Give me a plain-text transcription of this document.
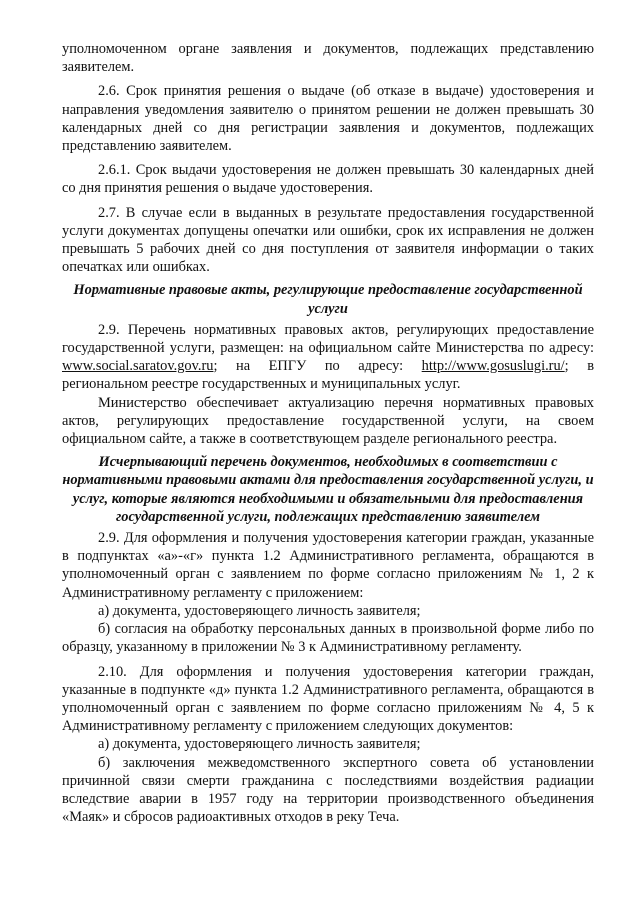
уполномоченном органе заявления и документов, подлежащих представлению заявителем.

2.6. Срок принятия решения о выдаче (об отказе в выдаче) удостоверения и направления уведомления заявителю о принятом решении не должен превышать 30 календарных дней со дня регистрации заявления и документов, подлежащих представлению заявителем.

2.6.1. Срок выдачи удостоверения не должен превышать 30 календарных дней со дня принятия решения о выдаче удостоверения.

2.7. В случае если в выданных в результате предоставления государственной услуги документах допущены опечатки или ошибки, срок их исправления не должен превышать 5 рабочих дней со дня поступления от заявителя информации о таких опечатках или ошибках.

Нормативные правовые акты, регулирующие предоставление государственной услуги

2.9. Перечень нормативных правовых актов, регулирующих предоставление государственной услуги, размещен: на официальном сайте Министерства по адресу: www.social.saratov.gov.ru; на ЕПГУ по адресу: http://www.gosuslugi.ru/; в региональном реестре государственных и муниципальных услуг.

Министерство обеспечивает актуализацию перечня нормативных правовых актов, регулирующих предоставление государственной услуги, на своем официальном сайте, а также в соответствующем разделе регионального реестра.

Исчерпывающий перечень документов, необходимых в соответствии с нормативными правовыми актами для предоставления государственной услуги, и услуг, которые являются необходимыми и обязательными для предоставления государственной услуги, подлежащих представлению заявителем

2.9. Для оформления и получения удостоверения категории граждан, указанные в подпунктах «а»-«г» пункта 1.2 Административного регламента, обращаются в уполномоченный орган с заявлением по форме согласно приложениям № 1, 2 к Административному регламенту с приложением:

а) документа, удостоверяющего личность заявителя;

б) согласия на обработку персональных данных в произвольной форме либо по образцу, указанному в приложении № 3 к Административному регламенту.

2.10. Для оформления и получения удостоверения категории граждан, указанные в подпункте «д» пункта 1.2 Административного регламента, обращаются в уполномоченный орган с заявлением по форме согласно приложениям № 4, 5 к Административному регламенту с приложением следующих документов:

а) документа, удостоверяющего личность заявителя;

б) заключения межведомственного экспертного совета об установлении причинной связи смерти гражданина с последствиями воздействия радиации вследствие аварии в 1957 году на территории производственного объединения «Маяк» и сбросов радиоактивных отходов в реку Теча.
